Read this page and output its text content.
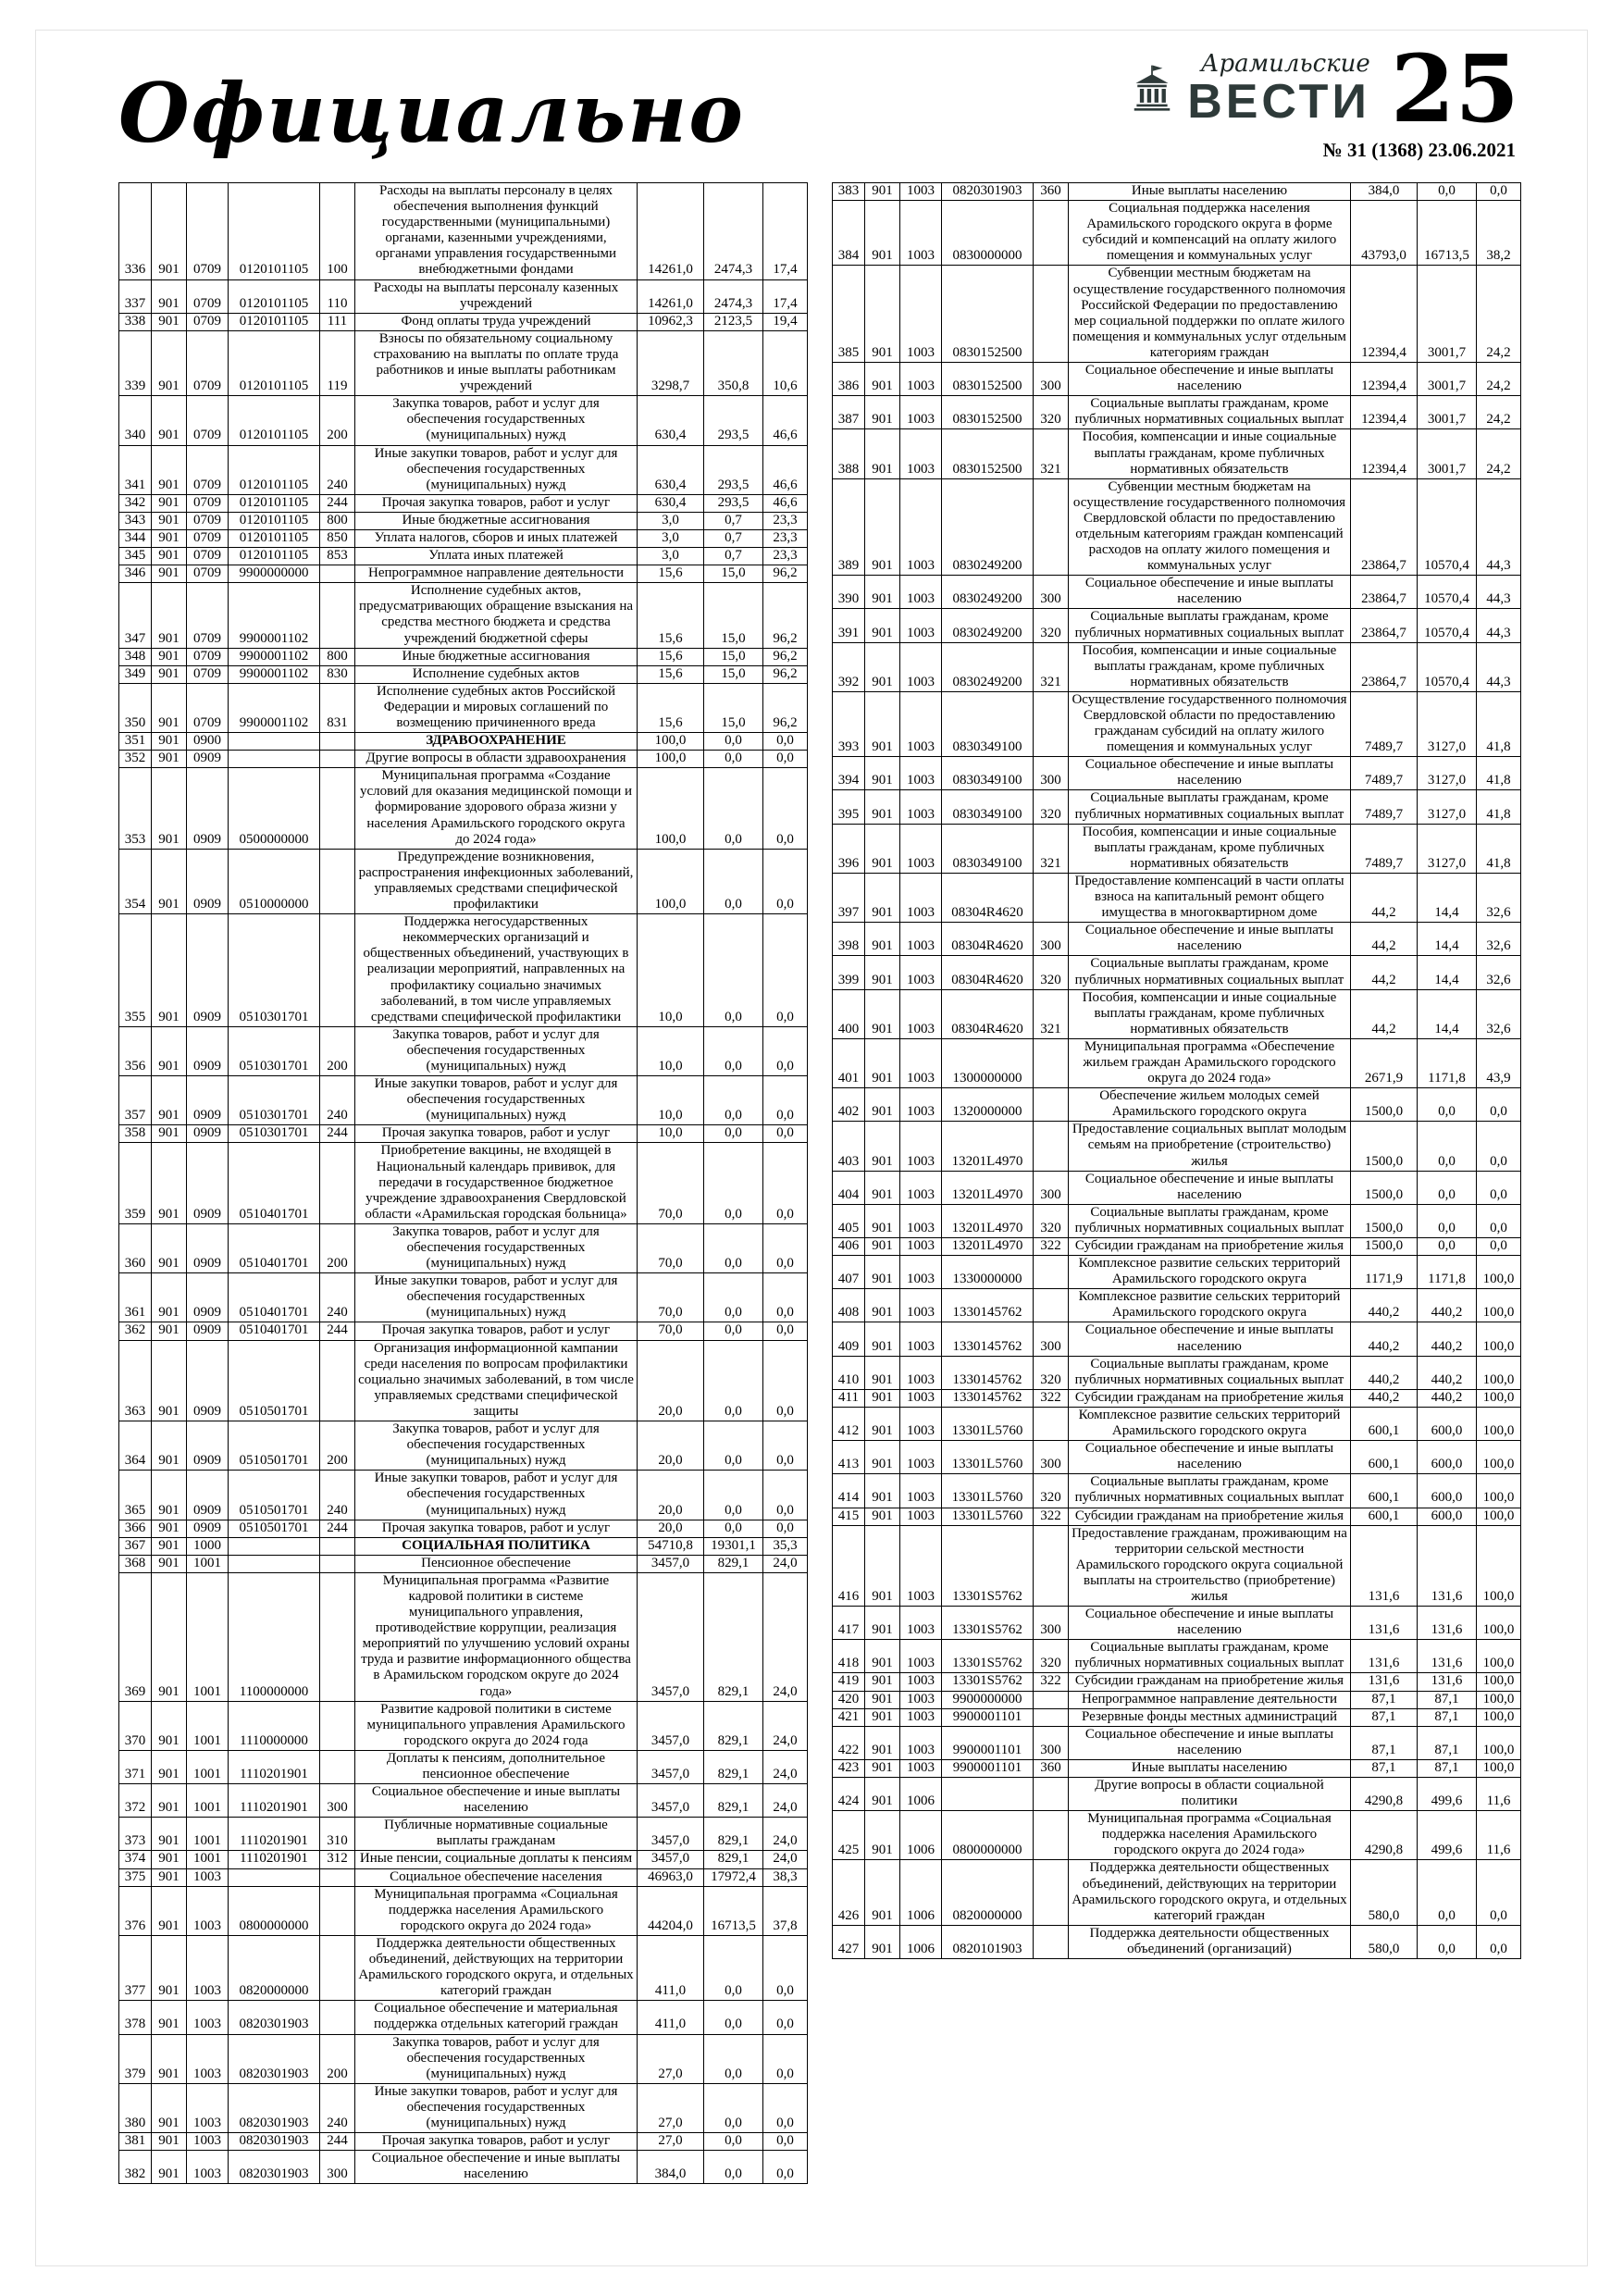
Официально
Арамильские
ВЕСТИ 25
№ 31 (1368) 23.06.2021
336	901	0709	0120101105	100	Расходы на выплаты персоналу в целях обеспечения выполнения функций государственными (муниципальными) органами, казенными учреждениями, органами управления государственными внебюджетными фондами	14261,0	2474,3	17,4
337	901	0709	0120101105	110	Расходы на выплаты персоналу казенных учреждений	14261,0	2474,3	17,4
338	901	0709	0120101105	111	Фонд оплаты труда учреждений	10962,3	2123,5	19,4
339	901	0709	0120101105	119	Взносы по обязательному социальному страхованию на выплаты по оплате труда работников и иные выплаты работникам учреждений	3298,7	350,8	10,6
340	901	0709	0120101105	200	Закупка товаров, работ и услуг для обеспечения государственных (муниципальных) нужд	630,4	293,5	46,6
341	901	0709	0120101105	240	Иные закупки товаров, работ и услуг для обеспечения государственных (муниципальных) нужд	630,4	293,5	46,6
342	901	0709	0120101105	244	Прочая закупка товаров, работ и услуг	630,4	293,5	46,6
343	901	0709	0120101105	800	Иные бюджетные ассигнования	3,0	0,7	23,3
344	901	0709	0120101105	850	Уплата налогов, сборов и иных платежей	3,0	0,7	23,3
345	901	0709	0120101105	853	Уплата иных платежей	3,0	0,7	23,3
346	901	0709	9900000000		Непрограммное направление деятельности	15,6	15,0	96,2
347	901	0709	9900001102		Исполнение судебных актов, предусматривающих обращение взыскания на средства местного бюджета и средства учреждений бюджетной сферы	15,6	15,0	96,2
348	901	0709	9900001102	800	Иные бюджетные ассигнования	15,6	15,0	96,2
349	901	0709	9900001102	830	Исполнение судебных актов	15,6	15,0	96,2
350	901	0709	9900001102	831	Исполнение судебных актов Российской Федерации и мировых соглашений по возмещению причиненного вреда	15,6	15,0	96,2
351	901	0900			ЗДРАВООХРАНЕНИЕ	100,0	0,0	0,0
352	901	0909			Другие вопросы в области здравоохранения	100,0	0,0	0,0
353	901	0909	0500000000		Муниципальная программа «Создание условий для оказания медицинской помощи и формирование здорового образа жизни у населения Арамильского городского округа до 2024 года»	100,0	0,0	0,0
354	901	0909	0510000000		Предупреждение возникновения, распространения инфекционных заболеваний, управляемых средствами специфической профилактики	100,0	0,0	0,0
355	901	0909	0510301701		Поддержка негосударственных некоммерческих организаций и общественных объединений, участвующих в реализации мероприятий, направленных на профилактику социально значимых заболеваний, в том числе управляемых средствами специфической профилактики	10,0	0,0	0,0
356	901	0909	0510301701	200	Закупка товаров, работ и услуг для обеспечения государственных (муниципальных) нужд	10,0	0,0	0,0
357	901	0909	0510301701	240	Иные закупки товаров, работ и услуг для обеспечения государственных (муниципальных) нужд	10,0	0,0	0,0
358	901	0909	0510301701	244	Прочая закупка товаров, работ и услуг	10,0	0,0	0,0
359	901	0909	0510401701		Приобретение вакцины, не входящей в Национальный календарь прививок, для передачи в государственное бюджетное учреждение здравоохранения Свердловской области «Арамильская городская больница»	70,0	0,0	0,0
360	901	0909	0510401701	200	Закупка товаров, работ и услуг для обеспечения государственных (муниципальных) нужд	70,0	0,0	0,0
361	901	0909	0510401701	240	Иные закупки товаров, работ и услуг для обеспечения государственных (муниципальных) нужд	70,0	0,0	0,0
362	901	0909	0510401701	244	Прочая закупка товаров, работ и услуг	70,0	0,0	0,0
363	901	0909	0510501701		Организация информационной кампании среди населения по вопросам профилактики социально значимых заболеваний, в том числе управляемых средствами специфической защиты	20,0	0,0	0,0
364	901	0909	0510501701	200	Закупка товаров, работ и услуг для обеспечения государственных (муниципальных) нужд	20,0	0,0	0,0
365	901	0909	0510501701	240	Иные закупки товаров, работ и услуг для обеспечения государственных (муниципальных) нужд	20,0	0,0	0,0
366	901	0909	0510501701	244	Прочая закупка товаров, работ и услуг	20,0	0,0	0,0
367	901	1000			СОЦИАЛЬНАЯ ПОЛИТИКА	54710,8	19301,1	35,3
368	901	1001			Пенсионное обеспечение	3457,0	829,1	24,0
369	901	1001	1100000000		Муниципальная программа «Развитие кадровой политики в системе муниципального управления, противодействие коррупции, реализация мероприятий по улучшению условий охраны труда и развитие информационного общества в Арамильском городском округе до 2024 года»	3457,0	829,1	24,0
370	901	1001	1110000000		Развитие кадровой политики в системе муниципального управления Арамильского городского округа до 2024 года	3457,0	829,1	24,0
371	901	1001	1110201901		Доплаты к пенсиям, дополнительное пенсионное обеспечение	3457,0	829,1	24,0
372	901	1001	1110201901	300	Социальное обеспечение и иные выплаты населению	3457,0	829,1	24,0
373	901	1001	1110201901	310	Публичные нормативные социальные выплаты гражданам	3457,0	829,1	24,0
374	901	1001	1110201901	312	Иные пенсии, социальные доплаты к пенсиям	3457,0	829,1	24,0
375	901	1003			Социальное обеспечение населения	46963,0	17972,4	38,3
376	901	1003	0800000000		Муниципальная программа «Социальная поддержка населения Арамильского городского округа до 2024 года»	44204,0	16713,5	37,8
377	901	1003	0820000000		Поддержка деятельности общественных объединений, действующих на территории Арамильского городского округа, и отдельных категорий граждан	411,0	0,0	0,0
378	901	1003	0820301903		Социальное обеспечение и материальная поддержка отдельных категорий граждан	411,0	0,0	0,0
379	901	1003	0820301903	200	Закупка товаров, работ и услуг для обеспечения государственных (муниципальных) нужд	27,0	0,0	0,0
380	901	1003	0820301903	240	Иные закупки товаров, работ и услуг для обеспечения государственных (муниципальных) нужд	27,0	0,0	0,0
381	901	1003	0820301903	244	Прочая закупка товаров, работ и услуг	27,0	0,0	0,0
382	901	1003	0820301903	300	Социальное обеспечение и иные выплаты населению	384,0	0,0	0,0
383	901	1003	0820301903	360	Иные выплаты населению	384,0	0,0	0,0
384	901	1003	0830000000		Социальная поддержка населения Арамильского городского округа в форме субсидий и компенсаций на оплату жилого помещения и коммунальных услуг	43793,0	16713,5	38,2
385	901	1003	0830152500		Субвенции местным бюджетам на осуществление государственного полномочия Российской Федерации по предоставлению мер социальной поддержки по оплате жилого помещения и коммунальных услуг отдельным категориям граждан	12394,4	3001,7	24,2
386	901	1003	0830152500	300	Социальное обеспечение и иные выплаты населению	12394,4	3001,7	24,2
387	901	1003	0830152500	320	Социальные выплаты гражданам, кроме публичных нормативных социальных выплат	12394,4	3001,7	24,2
388	901	1003	0830152500	321	Пособия, компенсации и иные социальные выплаты гражданам, кроме публичных нормативных обязательств	12394,4	3001,7	24,2
389	901	1003	0830249200		Субвенции местным бюджетам на осуществление государственного полномочия Свердловской области по предоставлению отдельным категориям граждан компенсаций расходов на оплату жилого помещения и коммунальных услуг	23864,7	10570,4	44,3
390	901	1003	0830249200	300	Социальное обеспечение и иные выплаты населению	23864,7	10570,4	44,3
391	901	1003	0830249200	320	Социальные выплаты гражданам, кроме публичных нормативных социальных выплат	23864,7	10570,4	44,3
392	901	1003	0830249200	321	Пособия, компенсации и иные социальные выплаты гражданам, кроме публичных нормативных обязательств	23864,7	10570,4	44,3
393	901	1003	0830349100		Осуществление государственного полномочия Свердловской области по предоставлению гражданам субсидий на оплату жилого помещения и коммунальных услуг	7489,7	3127,0	41,8
394	901	1003	0830349100	300	Социальное обеспечение и иные выплаты населению	7489,7	3127,0	41,8
395	901	1003	0830349100	320	Социальные выплаты гражданам, кроме публичных нормативных социальных выплат	7489,7	3127,0	41,8
396	901	1003	0830349100	321	Пособия, компенсации и иные социальные выплаты гражданам, кроме публичных нормативных обязательств	7489,7	3127,0	41,8
397	901	1003	08304R4620		Предоставление компенсаций в части оплаты взноса на капитальный ремонт общего имущества в многоквартирном доме	44,2	14,4	32,6
398	901	1003	08304R4620	300	Социальное обеспечение и иные выплаты населению	44,2	14,4	32,6
399	901	1003	08304R4620	320	Социальные выплаты гражданам, кроме публичных нормативных социальных выплат	44,2	14,4	32,6
400	901	1003	08304R4620	321	Пособия, компенсации и иные социальные выплаты гражданам, кроме публичных нормативных обязательств	44,2	14,4	32,6
401	901	1003	1300000000		Муниципальная программа «Обеспечение жильем граждан Арамильского городского округа до 2024 года»	2671,9	1171,8	43,9
402	901	1003	1320000000		Обеспечение жильем молодых семей Арамильского городского округа	1500,0	0,0	0,0
403	901	1003	13201L4970		Предоставление социальных выплат молодым семьям на приобретение (строительство) жилья	1500,0	0,0	0,0
404	901	1003	13201L4970	300	Социальное обеспечение и иные выплаты населению	1500,0	0,0	0,0
405	901	1003	13201L4970	320	Социальные выплаты гражданам, кроме публичных нормативных социальных выплат	1500,0	0,0	0,0
406	901	1003	13201L4970	322	Субсидии гражданам на приобретение жилья	1500,0	0,0	0,0
407	901	1003	1330000000		Комплексное развитие сельских территорий Арамильского городского округа	1171,9	1171,8	100,0
408	901	1003	1330145762		Комплексное развитие сельских территорий Арамильского городского округа	440,2	440,2	100,0
409	901	1003	1330145762	300	Социальное обеспечение и иные выплаты населению	440,2	440,2	100,0
410	901	1003	1330145762	320	Социальные выплаты гражданам, кроме публичных нормативных социальных выплат	440,2	440,2	100,0
411	901	1003	1330145762	322	Субсидии гражданам на приобретение жилья	440,2	440,2	100,0
412	901	1003	13301L5760		Комплексное развитие сельских территорий Арамильского городского округа	600,1	600,0	100,0
413	901	1003	13301L5760	300	Социальное обеспечение и иные выплаты населению	600,1	600,0	100,0
414	901	1003	13301L5760	320	Социальные выплаты гражданам, кроме публичных нормативных социальных выплат	600,1	600,0	100,0
415	901	1003	13301L5760	322	Субсидии гражданам на приобретение жилья	600,1	600,0	100,0
416	901	1003	13301S5762		Предоставление гражданам, проживающим на территории сельской местности Арамильского городского округа социальной выплаты на строительство (приобретение) жилья	131,6	131,6	100,0
417	901	1003	13301S5762	300	Социальное обеспечение и иные выплаты населению	131,6	131,6	100,0
418	901	1003	13301S5762	320	Социальные выплаты гражданам, кроме публичных нормативных социальных выплат	131,6	131,6	100,0
419	901	1003	13301S5762	322	Субсидии гражданам на приобретение жилья	131,6	131,6	100,0
420	901	1003	9900000000		Непрограммное направление деятельности	87,1	87,1	100,0
421	901	1003	9900001101		Резервные фонды местных администраций	87,1	87,1	100,0
422	901	1003	9900001101	300	Социальное обеспечение и иные выплаты населению	87,1	87,1	100,0
423	901	1003	9900001101	360	Иные выплаты населению	87,1	87,1	100,0
424	901	1006			Другие вопросы в области социальной политики	4290,8	499,6	11,6
425	901	1006	0800000000		Муниципальная программа «Социальная поддержка населения Арамильского городского округа до 2024 года»	4290,8	499,6	11,6
426	901	1006	0820000000		Поддержка деятельности общественных объединений, действующих на территории Арамильского городского округа, и отдельных категорий граждан	580,0	0,0	0,0
427	901	1006	0820101903		Поддержка деятельности общественных объединений (организаций)	580,0	0,0	0,0
